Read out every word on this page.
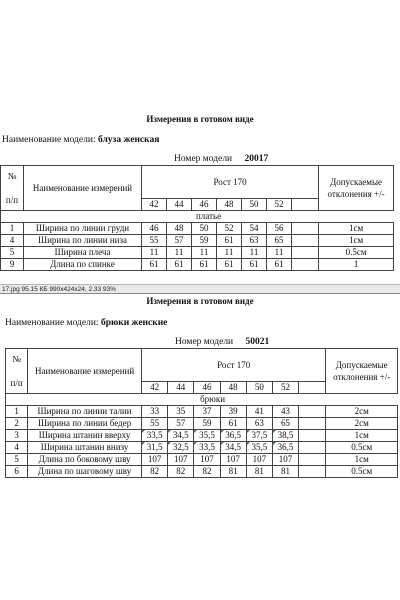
Измерения в готовом виде
Наименование модели: блуза женская
Номер модели 20017
№

п/п	Наименование измерений	Рост 170							Допускаемые отклонения +/-
		42	44	46	48	50	52		
	платье								
1	Ширина по линии груди	46	48	50	52	54	56		1см
4	Ширина по линии низа	55	57	59	61	63	65		1см
5	Ширина плеча	11	11	11	11	11	11		0.5см
9	Длина по спинке	61	61	61	61	61	61		1
17.jpg 95.15 КБ 990x424x24, 2.33 93%
Измерения в готовом виде
Наименование модели: брюки женские
Номер модели 50021
№

п/п	Наименование измерений	Рост 170							Допускаемые отклонения +/-
		42	44	46	48	50	52		
	брюки								
1	Ширина по линии талии	33	35	37	39	41	43		2см
2	Ширина по линии бедер	55	57	59	61	63	65		2см
3	Ширина штанин вверху	33,5	34,5	35,5	36,5	37,5	38,5		1см
4	Ширина штанин внизу	31,5	32,5	33,5	34,5	35,5	36,5		0.5см
5	Длина по боковому шву	107	107	107	107	107	107		1см
6	Длина по шаговому шву	82	82	82	81	81	81		0.5см
